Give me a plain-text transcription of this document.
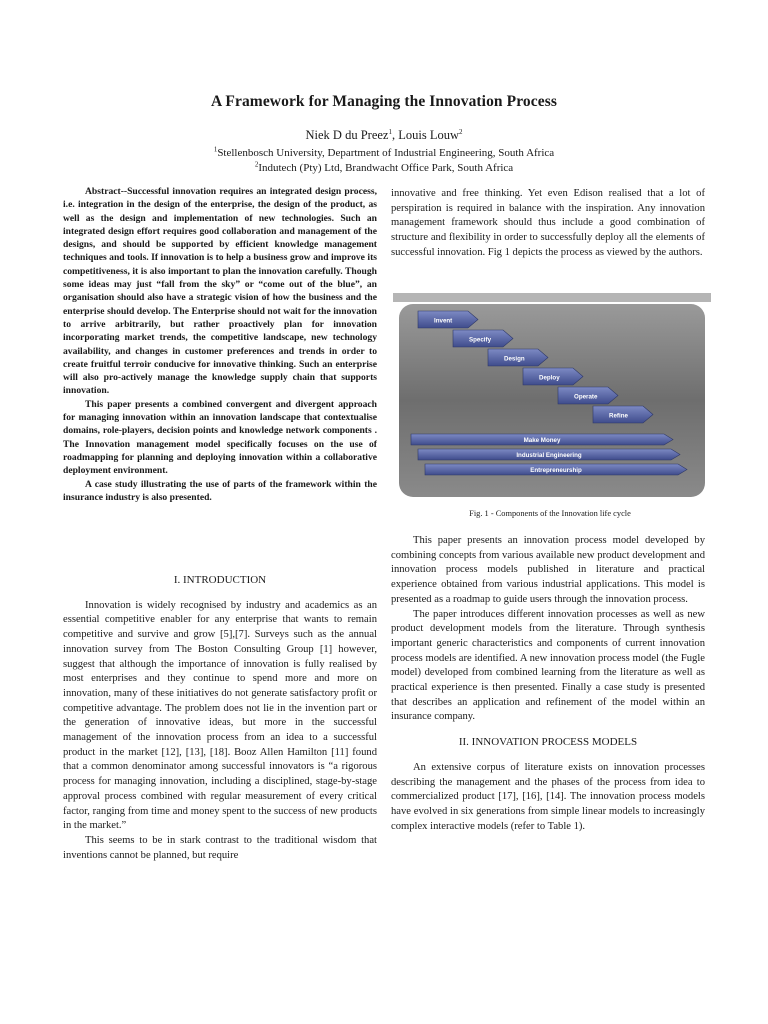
A Framework for Managing the Innovation Process
Niek D du Preez$^1$, Louis Louw$^2$
$^1$Stellenbosch University, Department of Industrial Engineering, South Africa
$^2$Indutech (Pty) Ltd, Brandwacht Office Park, South Africa

Abstract--Successful innovation requires an integrated design process, i.e. integration in the design of the enterprise, the design of the product, as well as the design and implementation of new technologies. Such an integrated design effort requires good collaboration and management of the designs, and should be supported by efficient knowledge management techniques and tools. If innovation is to help a business grow and improve its competitiveness, it is also important to plan the innovation carefully. Though some ideas may just “fall from the sky” or “come out of the blue”, an organisation should also have a strategic vision of how the business and the enterprise should develop. The Enterprise should not wait for the innovation to arrive arbitrarily, but rather proactively plan for innovation incorporating market trends, the competitive landscape, new technology availability, and changes in customer preferences and trends in order to create fruitful terroir conducive for innovative thinking. Such an enterprise will also pro-actively manage the knowledge supply chain that supports innovation.

This paper presents a combined convergent and divergent approach for managing innovation within an innovation landscape that contextualise domains, role-players, decision points and knowledge network components . The Innovation management model specifically focuses on the use of roadmapping for planning and deploying innovation within a collaborative deployment environment.

A case study illustrating the use of parts of the framework within the insurance industry is also presented.

I. INTRODUCTION

Innovation is widely recognised by industry and academics as an essential competitive enabler for any enterprise that wants to remain competitive and survive and grow [5],[7]. Surveys such as the annual innovation survey from The Boston Consulting Group [1] however, suggest that although the importance of innovation is fully realised by most enterprises and they continue to spend more and more on innovation, many of these initiatives do not generate satisfactory profit or competitive advantage. The problem does not lie in the invention part or the generation of innovative ideas, but more in the successful management of the innovation process from an idea to a successful product in the market [12], [13], [18]. Booz Allen Hamilton [11] found that a common denominator among successful innovators is “a rigorous process for managing innovation, including a disciplined, stage-by-stage approval process combined with regular measurement of every critical factor, ranging from time and money spent to the success of new products in the market.”

This seems to be in stark contrast to the traditional wisdom that inventions cannot be planned, but require

innovative and free thinking. Yet even Edison realised that a lot of perspiration is required in balance with the inspiration. Any innovation management framework should thus include a good combination of structure and flexibility in order to successfully deploy all the elements of successful innovation. Fig 1 depicts the process as viewed by the authors.

Invent
Specify
Design
Deploy
Operate
Refine
Make Money
Industrial Engineering
Entrepreneurship
Fig. 1 - Components of the Innovation life cycle

This paper presents an innovation process model developed by combining concepts from various available new product development and innovation process models published in literature and practical experience obtained from various industrial applications. This model is presented as a roadmap to guide users through the innovation process.

The paper introduces different innovation processes as well as new product development models from the literature. Through synthesis important generic characteristics and components of current innovation process models are identified. A new innovation process model (the Fugle model) developed from combined learning from the literature as well as practical experience is then presented. Finally a case study is presented that describes an application and refinement of the model within an insurance company.

II. INNOVATION PROCESS MODELS

An extensive corpus of literature exists on innovation processes describing the management and the phases of the process from idea to commercialized product [17], [16], [14]. The innovation process models have evolved in six generations from simple linear models to increasingly complex interactive models (refer to Table 1).
